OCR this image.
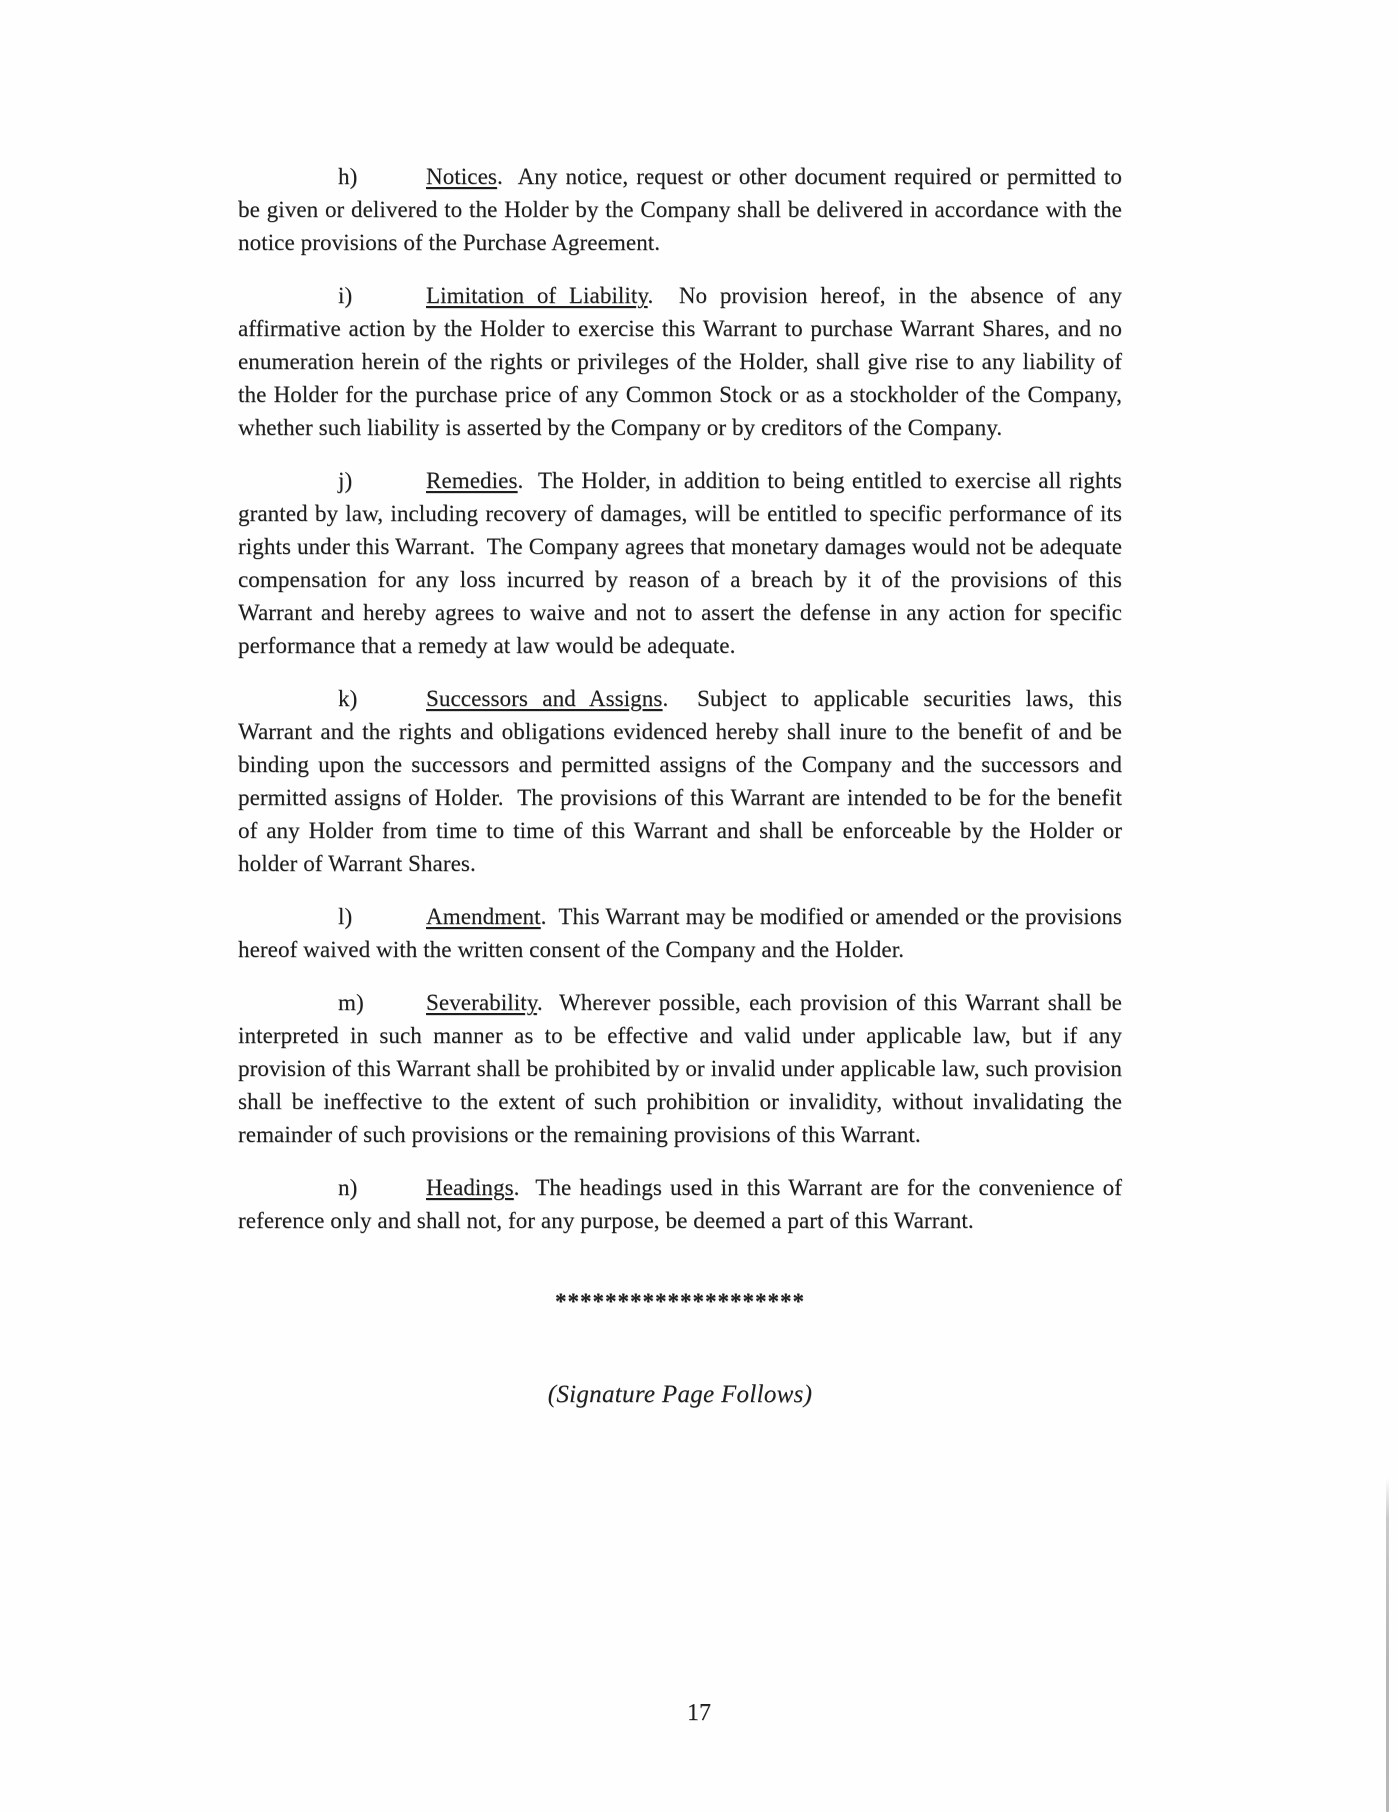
h)	Notices.  Any notice, request or other document required or permitted to be given or delivered to the Holder by the Company shall be delivered in accordance with the notice provisions of the Purchase Agreement.

i)	Limitation of Liability.  No provision hereof, in the absence of any affirmative action by the Holder to exercise this Warrant to purchase Warrant Shares, and no enumeration herein of the rights or privileges of the Holder, shall give rise to any liability of the Holder for the purchase price of any Common Stock or as a stockholder of the Company, whether such liability is asserted by the Company or by creditors of the Company.

j)	Remedies.  The Holder, in addition to being entitled to exercise all rights granted by law, including recovery of damages, will be entitled to specific performance of its rights under this Warrant.  The Company agrees that monetary damages would not be adequate compensation for any loss incurred by reason of a breach by it of the provisions of this Warrant and hereby agrees to waive and not to assert the defense in any action for specific performance that a remedy at law would be adequate.

k)	Successors and Assigns.  Subject to applicable securities laws, this Warrant and the rights and obligations evidenced hereby shall inure to the benefit of and be binding upon the successors and permitted assigns of the Company and the successors and permitted assigns of Holder.  The provisions of this Warrant are intended to be for the benefit of any Holder from time to time of this Warrant and shall be enforceable by the Holder or holder of Warrant Shares.

l)	Amendment.  This Warrant may be modified or amended or the provisions hereof waived with the written consent of the Company and the Holder.

m)	Severability.  Wherever possible, each provision of this Warrant shall be interpreted in such manner as to be effective and valid under applicable law, but if any provision of this Warrant shall be prohibited by or invalid under applicable law, such provision shall be ineffective to the extent of such prohibition or invalidity, without invalidating the remainder of such provisions or the remaining provisions of this Warrant.

n)	Headings.  The headings used in this Warrant are for the convenience of reference only and shall not, for any purpose, be deemed a part of this Warrant.

********************
(Signature Page Follows)
17
